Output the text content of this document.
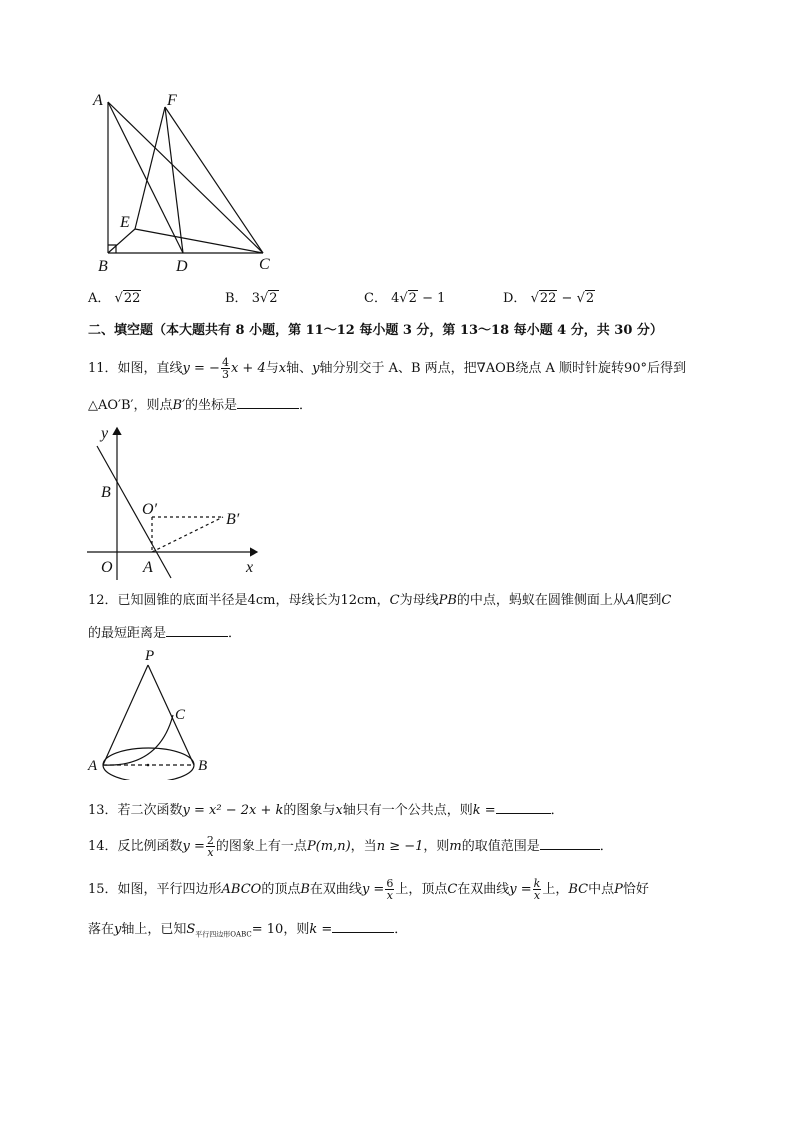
A	F
E
B	D	C
A． √22	B． 3√2	C． 4√2 − 1	D． √22 − √2
二、填空题（本大题共有 8 小题，第 11～12 每小题 3 分，第 13～18 每小题 4 分，共 30 分）
11．如图，直线y = − $\frac{4}{3}$ x + 4与x轴、y轴分别交于 A、B 两点，把∇AOB绕点 A 顺时针旋转90°后得到
△AO′B′，则点B′的坐标是	．
y
B
O′
B′
O A	x
12．已知圆锥的底面半径是4cm，母线长为12cm，C为母线PB的中点，蚂蚁在圆锥侧面上从A爬到C
的最短距离是	．
P
C
A	B
13．若二次函数y = x² − 2x + k的图象与x轴只有一个公共点，则k =	．
14．反比例函数$y = \frac{2}{x}$ 的图象上有一点P(m,n)，当n ≥ −1，则m的取值范围是	．
15．如图，平行四边形ABCO的顶点B在双曲线$y = \frac{6}{x}$ 上，顶点C在双曲线$y = \frac{k}{x}$ 上，BC中点P恰好
落在y轴上，已知$S_{平行四边形OABC}= 10$，则k =	．
